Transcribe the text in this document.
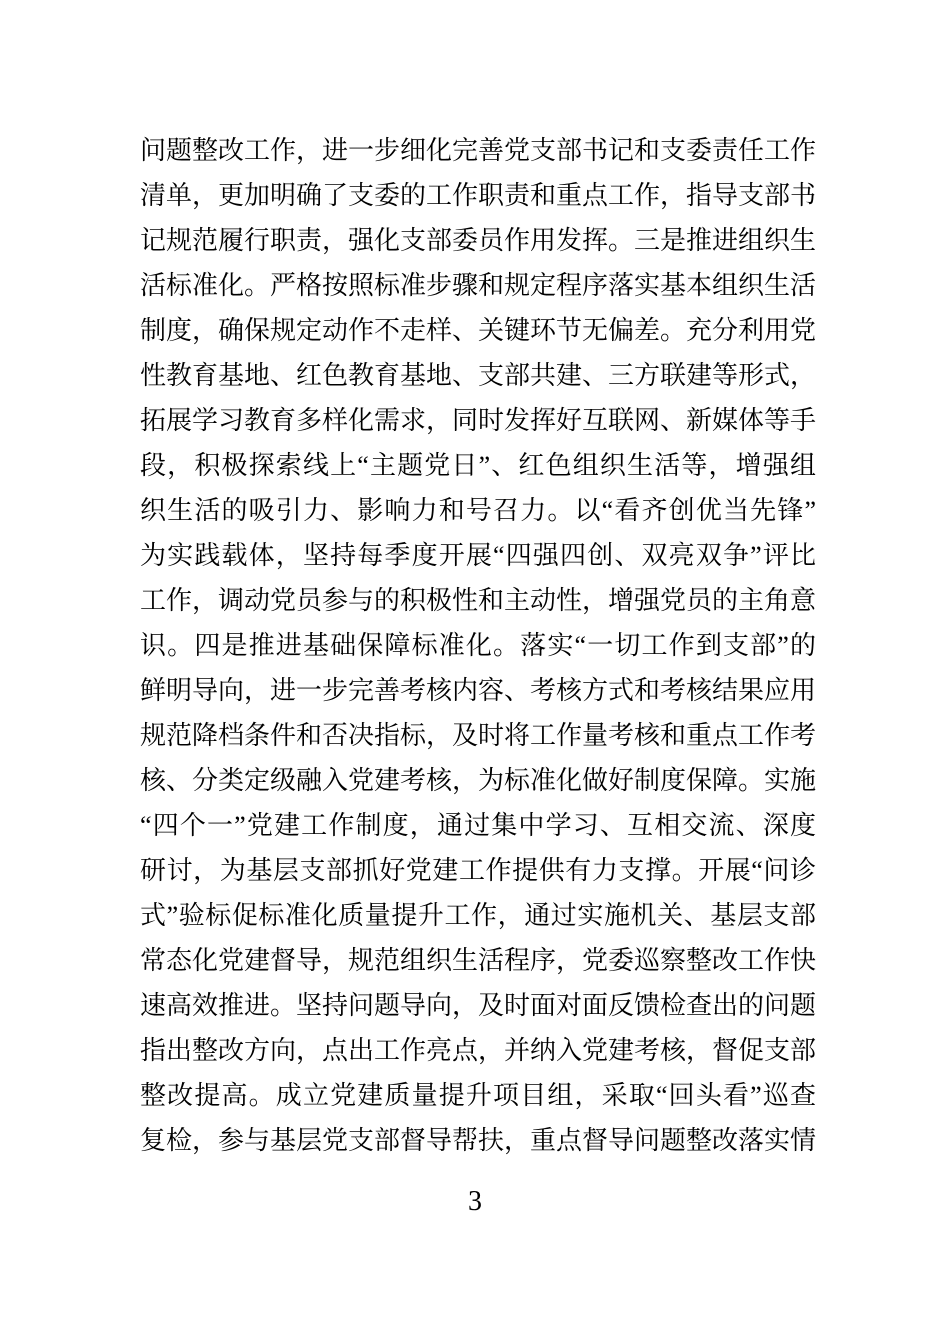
问题整改工作，进一步细化完善党支部书记和支委责任工作
清单，更加明确了支委的工作职责和重点工作，指导支部书
记规范履行职责，强化支部委员作用发挥。三是推进组织生
活标准化。严格按照标准步骤和规定程序落实基本组织生活
制度，确保规定动作不走样、关键环节无偏差。充分利用党
性教育基地、红色教育基地、支部共建、三方联建等形式，
拓展学习教育多样化需求，同时发挥好互联网、新媒体等手
段，积极探索线上“主题党日”、红色组织生活等，增强组
织生活的吸引力、影响力和号召力。以“看齐创优当先锋”
为实践载体，坚持每季度开展“四强四创、双亮双争”评比
工作，调动党员参与的积极性和主动性，增强党员的主角意
识。四是推进基础保障标准化。落实“一切工作到支部”的
鲜明导向，进一步完善考核内容、考核方式和考核结果应用
规范降档条件和否决指标，及时将工作量考核和重点工作考
核、分类定级融入党建考核，为标准化做好制度保障。实施
“四个一”党建工作制度，通过集中学习、互相交流、深度
研讨，为基层支部抓好党建工作提供有力支撑。开展“问诊
式”验标促标准化质量提升工作，通过实施机关、基层支部
常态化党建督导，规范组织生活程序，党委巡察整改工作快
速高效推进。坚持问题导向，及时面对面反馈检查出的问题
指出整改方向，点出工作亮点，并纳入党建考核，督促支部
整改提高。成立党建质量提升项目组，采取“回头看”巡查
复检，参与基层党支部督导帮扶，重点督导问题整改落实情
3
